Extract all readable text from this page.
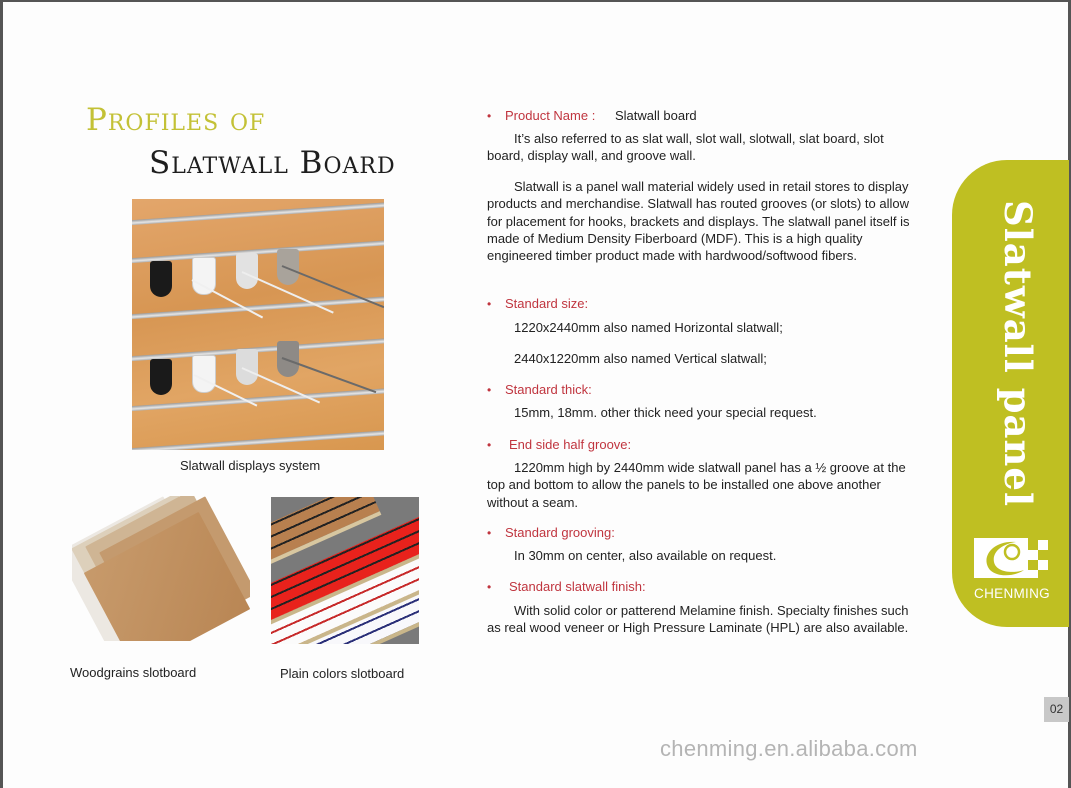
Profiles of
Slatwall Board
Slatwall displays system
Woodgrains slotboard	Plain colors slotboard
• Product Name : Slatwall board
It’s also referred to as slat wall, slot wall, slotwall, slat board, slot board, display wall, and groove wall.
Slatwall is a panel wall material widely used in retail stores to display products and merchandise. Slatwall has routed grooves (or slots) to allow for placement for hooks, brackets and displays. The slatwall panel itself is made of Medium Density Fiberboard (MDF). This is a high quality engineered timber product made with hardwood/softwood fibers.
• Standard size:
1220x2440mm also named Horizontal slatwall;
2440x1220mm also named Vertical slatwall;
• Standard thick:
15mm, 18mm. other thick need your special request.
• End side half groove:
1220mm high by 2440mm wide slatwall panel has a ½ groove at the top and bottom to allow the panels to be installed one above another without a seam.
• Standard grooving:
In 30mm on center, also available on request.
• Standard slatwall finish:
With solid color or patterend Melamine finish. Specialty finishes such as real wood veneer or High Pressure Laminate (HPL) are also available.
chenming.en.alibaba.com
Slatwall panel
CHENMING
02
